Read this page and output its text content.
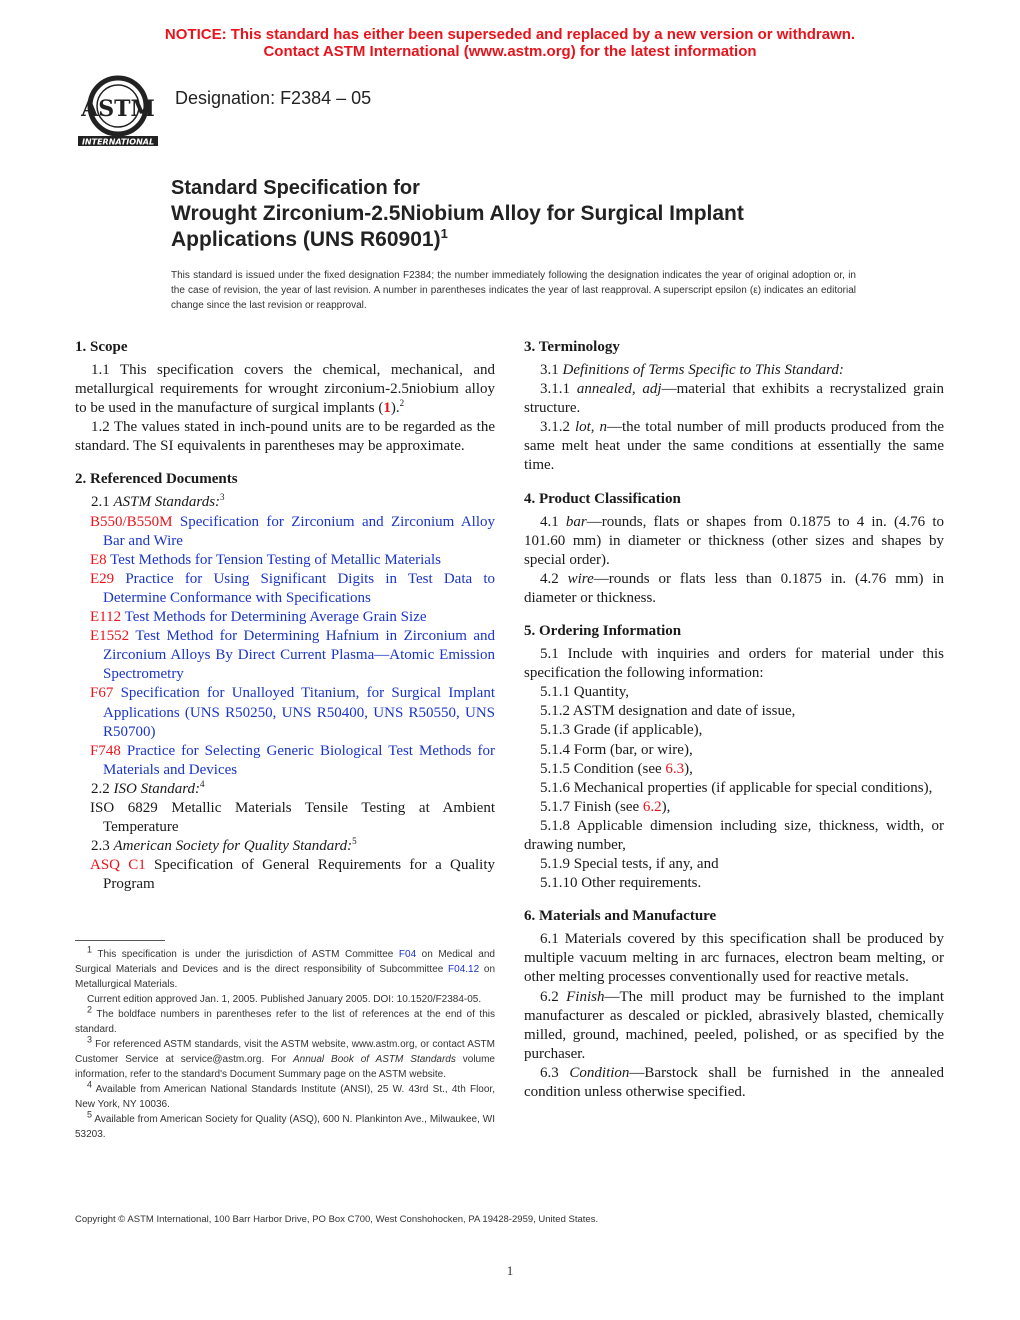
NOTICE: This standard has either been superseded and replaced by a new version or withdrawn.
Contact ASTM International (www.astm.org) for the latest information
ASTM
INTERNATIONAL
Designation: F2384 – 05
Standard Specification for
Wrought Zirconium-2.5Niobium Alloy for Surgical Implant
Applications (UNS R60901)$^1$
This standard is issued under the fixed designation F2384; the number immediately following the designation indicates the year of original adoption or, in the case of revision, the year of last revision. A number in parentheses indicates the year of last reapproval. A superscript epsilon (ε) indicates an editorial change since the last revision or reapproval.
1. Scope

1.1 This specification covers the chemical, mechanical, and metallurgical requirements for wrought zirconium-2.5niobium alloy to be used in the manufacture of surgical implants (1).$^2$

1.2 The values stated in inch-pound units are to be regarded as the standard. The SI equivalents in parentheses may be approximate.

2. Referenced Documents

2.1 ASTM Standards:$^3$

B550/B550M Specification for Zirconium and Zirconium Alloy Bar and Wire

E8 Test Methods for Tension Testing of Metallic Materials

E29 Practice for Using Significant Digits in Test Data to Determine Conformance with Specifications

E112 Test Methods for Determining Average Grain Size

E1552 Test Method for Determining Hafnium in Zirconium and Zirconium Alloys By Direct Current Plasma—Atomic Emission Spectrometry

F67 Specification for Unalloyed Titanium, for Surgical Implant Applications (UNS R50250, UNS R50400, UNS R50550, UNS R50700)

F748 Practice for Selecting Generic Biological Test Methods for Materials and Devices

2.2 ISO Standard:$^4$

ISO 6829 Metallic Materials Tensile Testing at Ambient Temperature

2.3 American Society for Quality Standard:$^5$

ASQ C1 Specification of General Requirements for a Quality Program

3. Terminology

3.1 Definitions of Terms Specific to This Standard:

3.1.1 annealed, adj—material that exhibits a recrystalized grain structure.

3.1.2 lot, n—the total number of mill products produced from the same melt heat under the same conditions at essentially the same time.

4. Product Classification

4.1 bar—rounds, flats or shapes from 0.1875 to 4 in. (4.76 to 101.60 mm) in diameter or thickness (other sizes and shapes by special order).

4.2 wire—rounds or flats less than 0.1875 in. (4.76 mm) in diameter or thickness.

5. Ordering Information

5.1 Include with inquiries and orders for material under this specification the following information:

5.1.1 Quantity,

5.1.2 ASTM designation and date of issue,

5.1.3 Grade (if applicable),

5.1.4 Form (bar, or wire),

5.1.5 Condition (see 6.3),

5.1.6 Mechanical properties (if applicable for special conditions),

5.1.7 Finish (see 6.2),

5.1.8 Applicable dimension including size, thickness, width, or drawing number,

5.1.9 Special tests, if any, and

5.1.10 Other requirements.

6. Materials and Manufacture

6.1 Materials covered by this specification shall be produced by multiple vacuum melting in arc furnaces, electron beam melting, or other melting processes conventionally used for reactive metals.

6.2 Finish—The mill product may be furnished to the implant manufacturer as descaled or pickled, abrasively blasted, chemically milled, ground, machined, peeled, polished, or as specified by the purchaser.

6.3 Condition—Barstock shall be furnished in the annealed condition unless otherwise specified.

$^1$ This specification is under the jurisdiction of ASTM Committee F04 on Medical and Surgical Materials and Devices and is the direct responsibility of Subcommittee F04.12 on Metallurgical Materials.

Current edition approved Jan. 1, 2005. Published January 2005. DOI: 10.1520/F2384-05.

$^2$ The boldface numbers in parentheses refer to the list of references at the end of this standard.

$^3$ For referenced ASTM standards, visit the ASTM website, www.astm.org, or contact ASTM Customer Service at service@astm.org. For Annual Book of ASTM Standards volume information, refer to the standard's Document Summary page on the ASTM website.

$^4$ Available from American National Standards Institute (ANSI), 25 W. 43rd St., 4th Floor, New York, NY 10036.

$^5$ Available from American Society for Quality (ASQ), 600 N. Plankinton Ave., Milwaukee, WI 53203.

Copyright © ASTM International, 100 Barr Harbor Drive, PO Box C700, West Conshohocken, PA 19428-2959, United States.
1
